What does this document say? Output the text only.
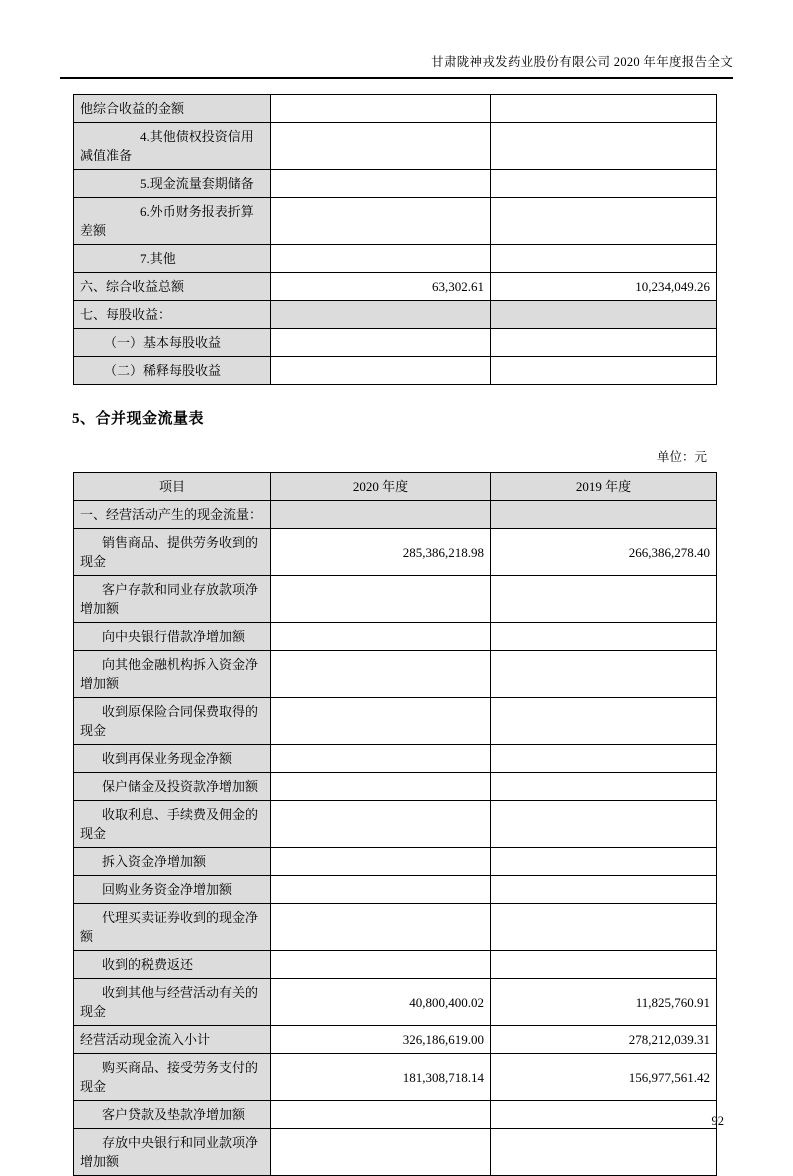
甘肃陇神戎发药业股份有限公司 2020 年年度报告全文
他综合收益的金额		
4.其他债权投资信用减值准备		
5.现金流量套期储备		
6.外币财务报表折算差额		
7.其他		
六、综合收益总额	63,302.61	10,234,049.26
七、每股收益：		
（一）基本每股收益		
（二）稀释每股收益		
5、合并现金流量表
单位：元
项目	2020 年度	2019 年度
一、经营活动产生的现金流量：		
销售商品、提供劳务收到的现金	285,386,218.98	266,386,278.40
客户存款和同业存放款项净增加额		
向中央银行借款净增加额		
向其他金融机构拆入资金净增加额		
收到原保险合同保费取得的现金		
收到再保业务现金净额		
保户储金及投资款净增加额		
收取利息、手续费及佣金的现金		
拆入资金净增加额		
回购业务资金净增加额		
代理买卖证券收到的现金净额		
收到的税费返还		
收到其他与经营活动有关的现金	40,800,400.02	11,825,760.91
经营活动现金流入小计	326,186,619.00	278,212,039.31
购买商品、接受劳务支付的现金	181,308,718.14	156,977,561.42
客户贷款及垫款净增加额		
存放中央银行和同业款项净增加额		
92
